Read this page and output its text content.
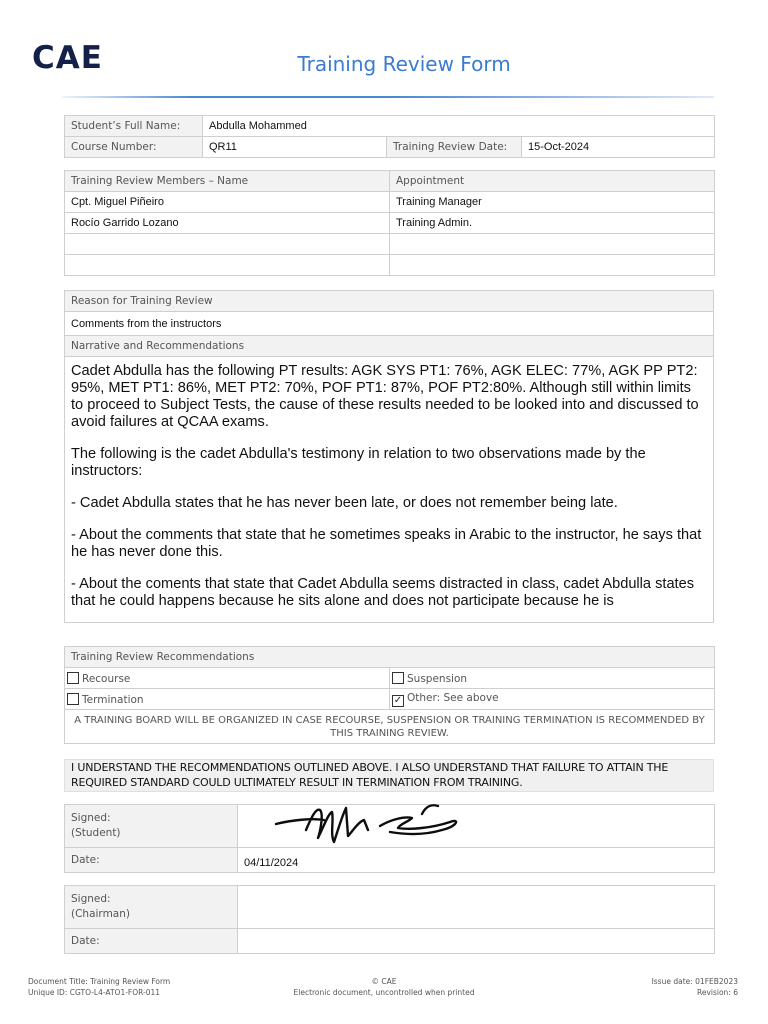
CAE	Training Review Form
Student’s Full Name:	Abdulla Mohammed		
Course Number:	QR11	Training Review Date:	15-Oct-2024
Training Review Members – Name	Appointment
Cpt. Miguel Piñeiro	Training Manager
Rocío Garrido Lozano	Training Admin.

Reason for Training Review
Comments from the instructors
Narrative and Recommendations

Cadet Abdulla has the following PT results: AGK SYS PT1: 76%, AGK ELEC: 77%, AGK PP PT2: 95%, MET PT1: 86%, MET PT2: 70%, POF PT1: 87%, POF PT2:80%. Although still within limits to proceed to Subject Tests, the cause of these results needed to be looked into and discussed to avoid failures at QCAA exams.

The following is the cadet Abdulla's testimony in relation to two observations made by the instructors:

- Cadet Abdulla states that he has never been late, or does not remember being late.

- About the comments that state that he sometimes speaks in Arabic to the instructor, he says that he has never done this.

- About the coments that state that Cadet Abdulla seems distracted in class, cadet Abdulla states that he could happens because he sits alone and does not participate because he is

Training Review Recommendations	
Recourse	Suspension
Termination	✓ Other: See above
A TRAINING BOARD WILL BE ORGANIZED IN CASE RECOURSE, SUSPENSION OR TRAINING TERMINATION IS RECOMMENDED BY THIS TRAINING REVIEW.	
I UNDERSTAND THE RECOMMENDATIONS OUTLINED ABOVE. I ALSO UNDERSTAND THAT FAILURE TO ATTAIN THE REQUIRED STANDARD COULD ULTIMATELY RESULT IN TERMINATION FROM TRAINING.
Signed:
(Student)	

Date:	04/11/2024
Signed:
(Chairman)	

Date:	
Document Title: Training Review Form
Unique ID: CGTO-L4-ATO1-FOR-011
© CAE
Electronic document, uncontrolled when printed
Issue date: 01FEB2023
Revision: 6
